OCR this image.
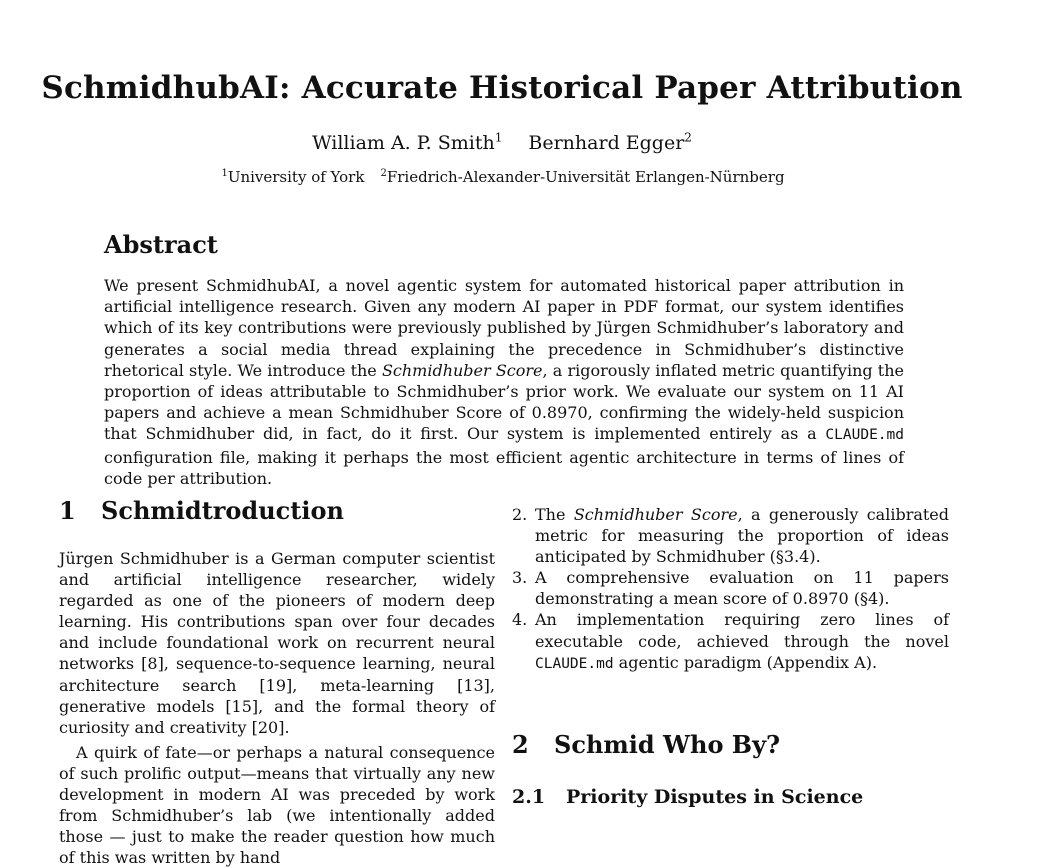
SchmidhubAI: Accurate Historical Paper Attribution
William A. P. Smith$^1$ Bernhard Egger$^2$
$^1$University of York $^2$Friedrich-Alexander-Universität Erlangen-Nürnberg
Abstract

We present SchmidhubAI, a novel agentic system for automated historical paper attribution in artificial intelligence research. Given any modern AI paper in PDF format, our system identifies which of its key contributions were previously published by Jürgen Schmidhuber’s laboratory and generates a social media thread explaining the precedence in Schmidhuber’s distinctive rhetorical style. We introduce the Schmidhuber Score, a rigorously inflated metric quantifying the proportion of ideas attributable to Schmidhuber’s prior work. We evaluate our system on 11 AI papers and achieve a mean Schmidhuber Score of 0.8970, confirming the widely-held suspicion that Schmidhuber did, in fact, do it first. Our system is implemented entirely as a CLAUDE.md configuration file, making it perhaps the most efficient agentic architecture in terms of lines of code per attribution.

1 Schmidtroduction

Jürgen Schmidhuber is a German computer scientist and artificial intelligence researcher, widely regarded as one of the pioneers of modern deep learning. His contributions span over four decades and include foundational work on recurrent neural networks [8], sequence-to-sequence learning, neural architecture search [19], meta-learning [13], generative models [15], and the formal theory of curiosity and creativity [20].

A quirk of fate—or perhaps a natural consequence of such prolific output—means that virtually any new development in modern AI was preceded by work from Schmidhuber’s lab (we intentionally added those — just to make the reader question how much of this was written by hand

2. The Schmidhuber Score, a generously calibrated metric for measuring the proportion of ideas anticipated by Schmidhuber (§3.4).
3. A comprehensive evaluation on 11 papers demonstrating a mean score of 0.8970 (§4).
4. An implementation requiring zero lines of executable code, achieved through the novel CLAUDE.md agentic paradigm (Appendix A).
2 Schmid Who By?
2.1 Priority Disputes in Science
